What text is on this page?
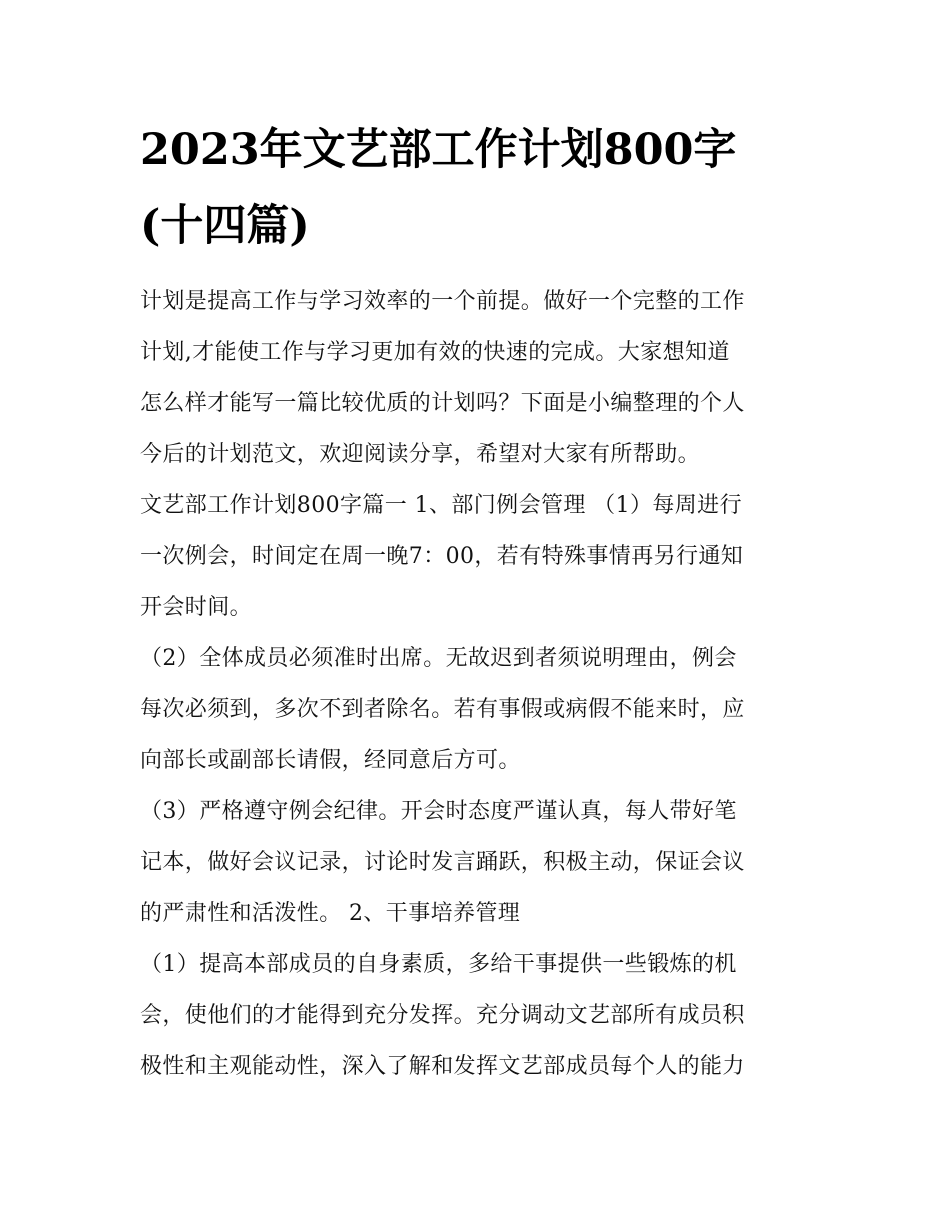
2023年文艺部工作计划800字
(十四篇)

计划是提高工作与学习效率的一个前提。做好一个完整的工作
计划,才能使工作与学习更加有效的快速的完成。大家想知道
怎么样才能写一篇比较优质的计划吗？下面是小编整理的个人
今后的计划范文，欢迎阅读分享，希望对大家有所帮助。

文艺部工作计划800字篇一 1、部门例会管理 （1）每周进行
一次例会，时间定在周一晚7：00，若有特殊事情再另行通知
开会时间。

（2）全体成员必须准时出席。无故迟到者须说明理由，例会
每次必须到，多次不到者除名。若有事假或病假不能来时，应
向部长或副部长请假，经同意后方可。

（3）严格遵守例会纪律。开会时态度严谨认真，每人带好笔
记本，做好会议记录，讨论时发言踊跃，积极主动，保证会议
的严肃性和活泼性。 2、干事培养管理

（1）提高本部成员的自身素质，多给干事提供一些锻炼的机
会，使他们的才能得到充分发挥。充分调动文艺部所有成员积
极性和主观能动性，深入了解和发挥文艺部成员每个人的能力
